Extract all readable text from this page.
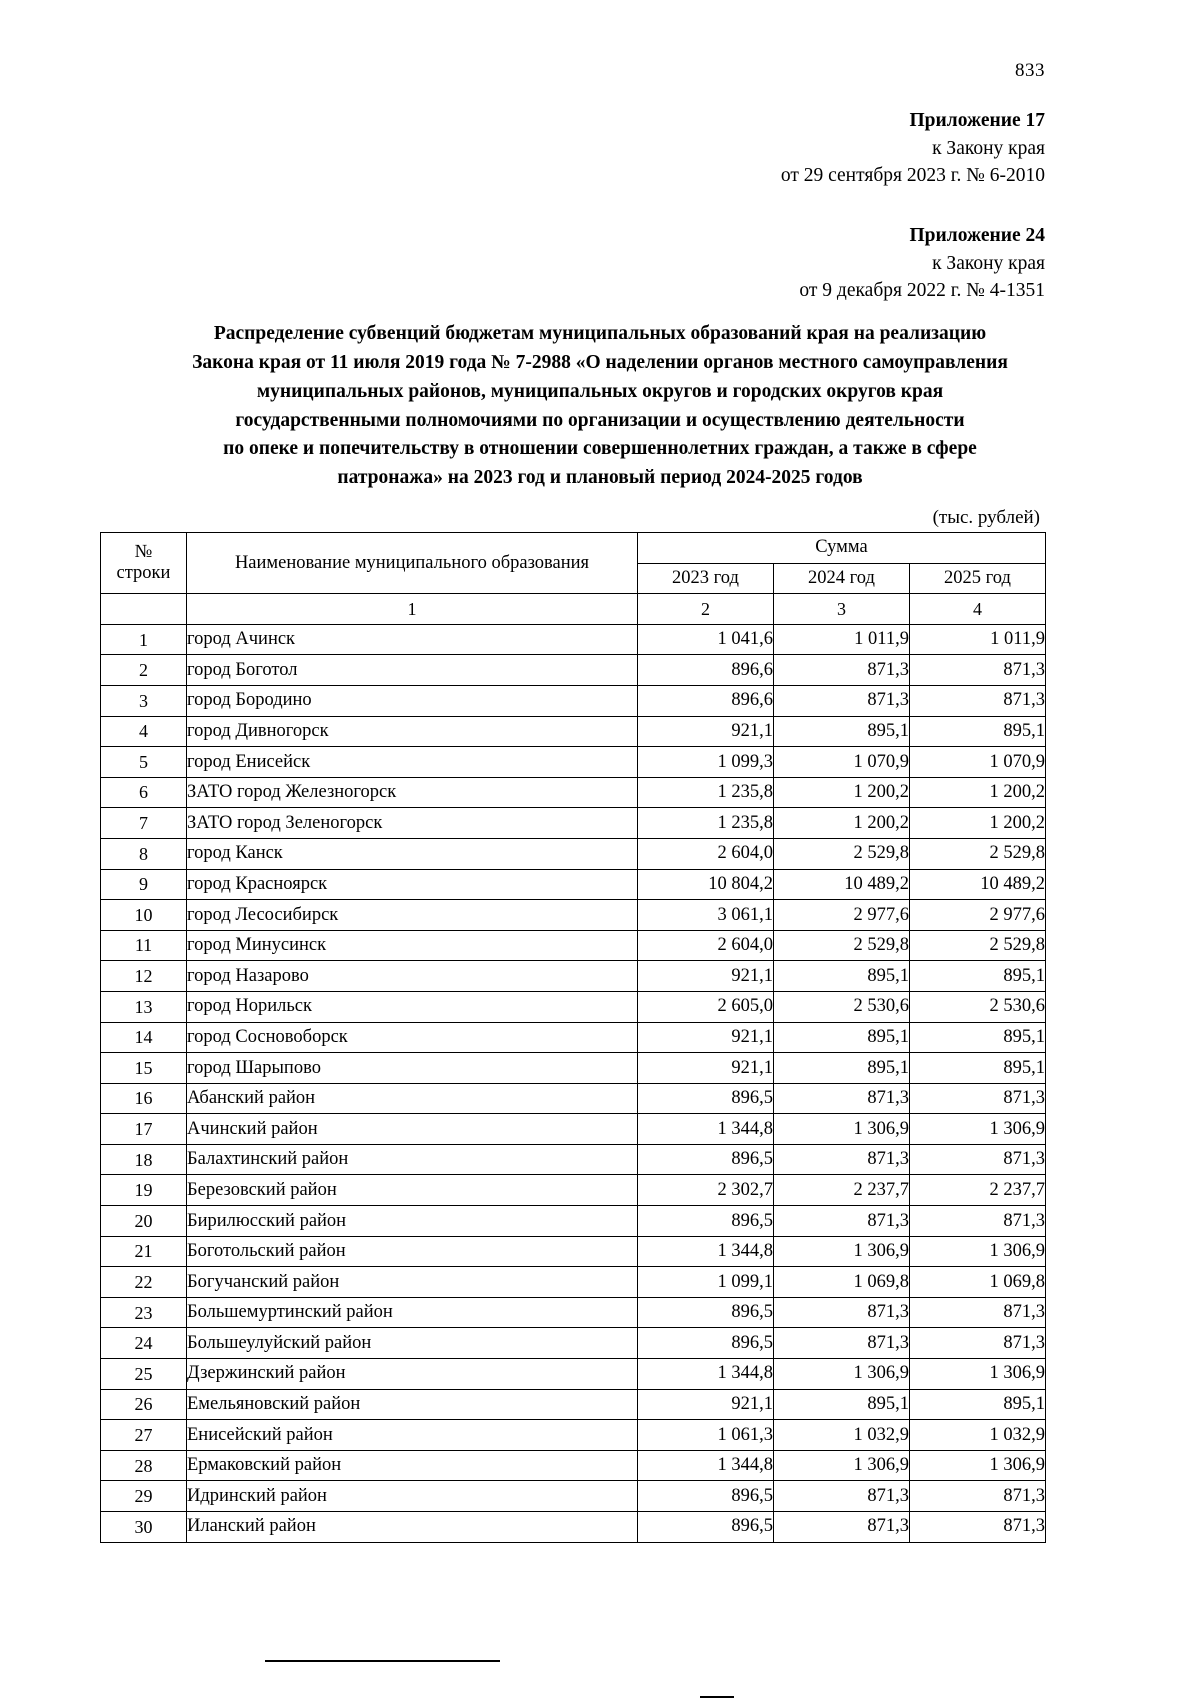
833
Приложение 17
к Закону края
от 29 сентября 2023 г. № 6-2010
Приложение 24
к Закону края
от 9 декабря 2022 г. № 4-1351
Распределение субвенций бюджетам муниципальных образований края на реализацию
Закона края от 11 июля 2019 года № 7-2988 «О наделении органов местного самоуправления
муниципальных районов, муниципальных округов и городских округов края
государственными полномочиями по организации и осуществлению деятельности
по опеке и попечительству в отношении совершеннолетних граждан, а также в сфере
патронажа» на 2023 год и плановый период 2024-2025 годов
(тыс. рублей)
№
строки	Наименование муниципального образования	Сумма		
		2023 год	2024 год	2025 год
	1	2	3	4
1	город Ачинск	1 041,6	1 011,9	1 011,9
2	город Боготол	896,6	871,3	871,3
3	город Бородино	896,6	871,3	871,3
4	город Дивногорск	921,1	895,1	895,1
5	город Енисейск	1 099,3	1 070,9	1 070,9
6	ЗАТО город Железногорск	1 235,8	1 200,2	1 200,2
7	ЗАТО город Зеленогорск	1 235,8	1 200,2	1 200,2
8	город Канск	2 604,0	2 529,8	2 529,8
9	город Красноярск	10 804,2	10 489,2	10 489,2
10	город Лесосибирск	3 061,1	2 977,6	2 977,6
11	город Минусинск	2 604,0	2 529,8	2 529,8
12	город Назарово	921,1	895,1	895,1
13	город Норильск	2 605,0	2 530,6	2 530,6
14	город Сосновоборск	921,1	895,1	895,1
15	город Шарыпово	921,1	895,1	895,1
16	Абанский район	896,5	871,3	871,3
17	Ачинский район	1 344,8	1 306,9	1 306,9
18	Балахтинский район	896,5	871,3	871,3
19	Березовский район	2 302,7	2 237,7	2 237,7
20	Бирилюсский район	896,5	871,3	871,3
21	Боготольский район	1 344,8	1 306,9	1 306,9
22	Богучанский район	1 099,1	1 069,8	1 069,8
23	Большемуртинский район	896,5	871,3	871,3
24	Большеулуйский район	896,5	871,3	871,3
25	Дзержинский район	1 344,8	1 306,9	1 306,9
26	Емельяновский район	921,1	895,1	895,1
27	Енисейский район	1 061,3	1 032,9	1 032,9
28	Ермаковский район	1 344,8	1 306,9	1 306,9
29	Идринский район	896,5	871,3	871,3
30	Иланский район	896,5	871,3	871,3
